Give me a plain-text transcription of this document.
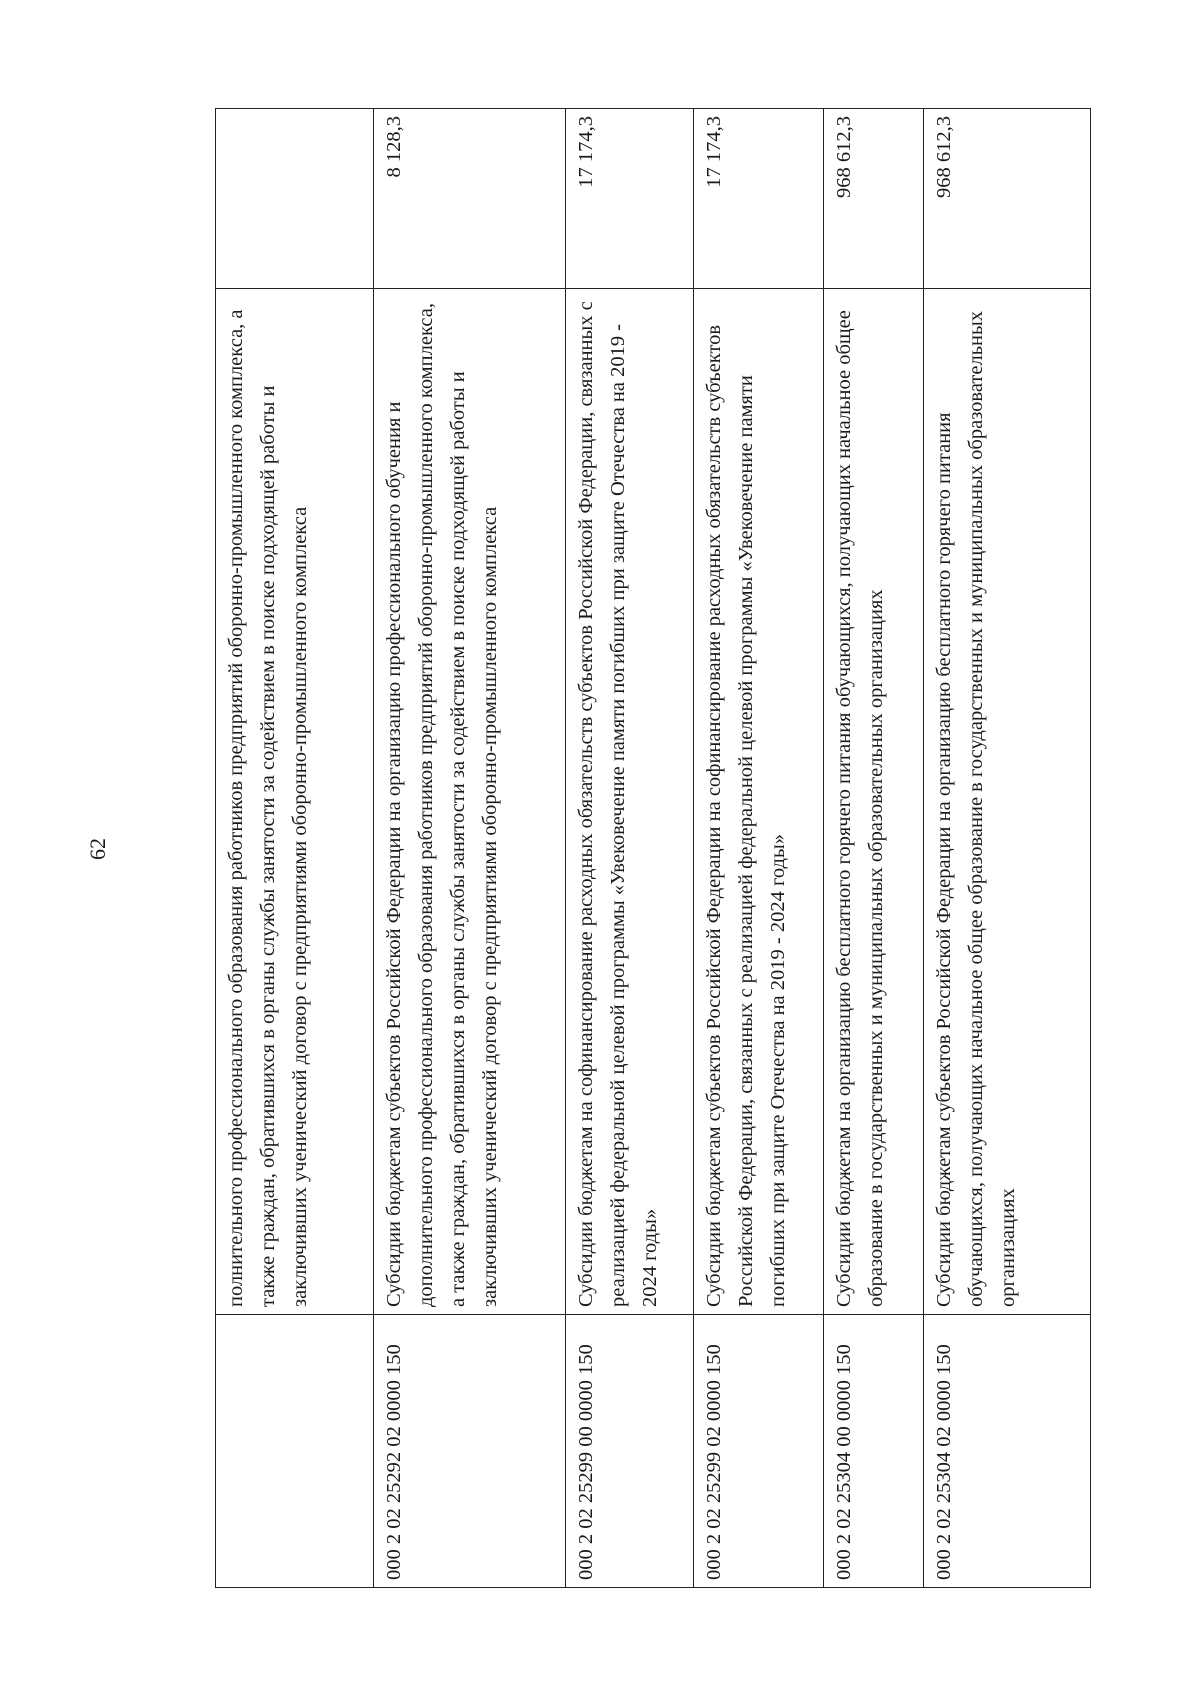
62
		полнительного профессионального образования работников предприятий оборонно-промышленного комплекса, а также граждан, обратившихся в органы службы занятости за содействием в поиске подходящей работы и заключивших ученический договор с предприятиями оборонно-промышленного комплекса	
000 2 02 25292 02 0000 150	Субсидии бюджетам субъектов Российской Федерации на организацию профессионального обучения и дополнительного профессионального образования работников предприятий оборонно-промышленного комплекса, а также граждан, обратившихся в органы службы занятости за содействием в поиске подходящей работы и заключивших ученический договор с предприятиями оборонно-промышленного комплекса	8 128,3
000 2 02 25299 00 0000 150	Субсидии бюджетам на софинансирование расходных обязательств субъектов Российской Федерации, связанных с реализацией федеральной целевой программы «Увековечение памяти погибших при защите Отечества на 2019 - 2024 годы»	17 174,3
000 2 02 25299 02 0000 150	Субсидии бюджетам субъектов Российской Федерации на софинансирование расходных обязательств субъектов Российской Федерации, связанных с реализацией федеральной целевой программы «Увековечение памяти погибших при защите Отечества на 2019 - 2024 годы»	17 174,3
000 2 02 25304 00 0000 150	Субсидии бюджетам на организацию бесплатного горячего питания обучающихся, получающих начальное общее образование в государственных и муниципальных образовательных организациях	968 612,3
000 2 02 25304 02 0000 150	Субсидии бюджетам субъектов Российской Федерации на организацию бесплатного горячего питания обучающихся, получающих начальное общее образование в государственных и муниципальных образовательных организациях	968 612,3
